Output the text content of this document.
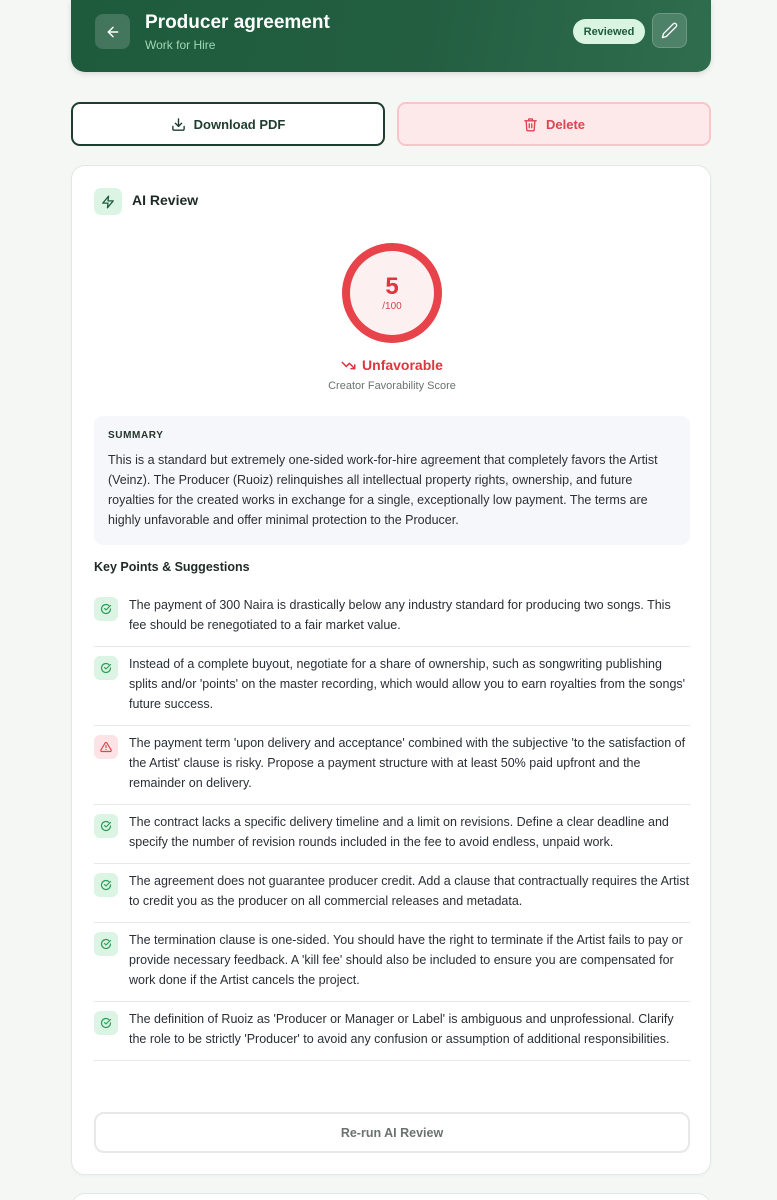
Producer agreement
Work for Hire
Reviewed
Download PDF	Delete
AI Review
5
/100
Unfavorable
Creator Favorability Score
SUMMARY
This is a standard but extremely one-sided work-for-hire agreement that completely favors the Artist (Veinz). The Producer (Ruoiz) relinquishes all intellectual property rights, ownership, and future royalties for the created works in exchange for a single, exceptionally low payment. The terms are highly unfavorable and offer minimal protection to the Producer.
Key Points & Suggestions
The payment of 300 Naira is drastically below any industry standard for producing two songs. This fee should be renegotiated to a fair market value.
Instead of a complete buyout, negotiate for a share of ownership, such as songwriting publishing splits and/or 'points' on the master recording, which would allow you to earn royalties from the songs' future success.
The payment term 'upon delivery and acceptance' combined with the subjective 'to the satisfaction of the Artist' clause is risky. Propose a payment structure with at least 50% paid upfront and the remainder on delivery.
The contract lacks a specific delivery timeline and a limit on revisions. Define a clear deadline and specify the number of revision rounds included in the fee to avoid endless, unpaid work.
The agreement does not guarantee producer credit. Add a clause that contractually requires the Artist to credit you as the producer on all commercial releases and metadata.
The termination clause is one-sided. You should have the right to terminate if the Artist fails to pay or provide necessary feedback. A 'kill fee' should also be included to ensure you are compensated for work done if the Artist cancels the project.
The definition of Ruoiz as 'Producer or Manager or Label' is ambiguous and unprofessional. Clarify the role to be strictly 'Producer' to avoid any confusion or assumption of additional responsibilities.
Re-run AI Review
